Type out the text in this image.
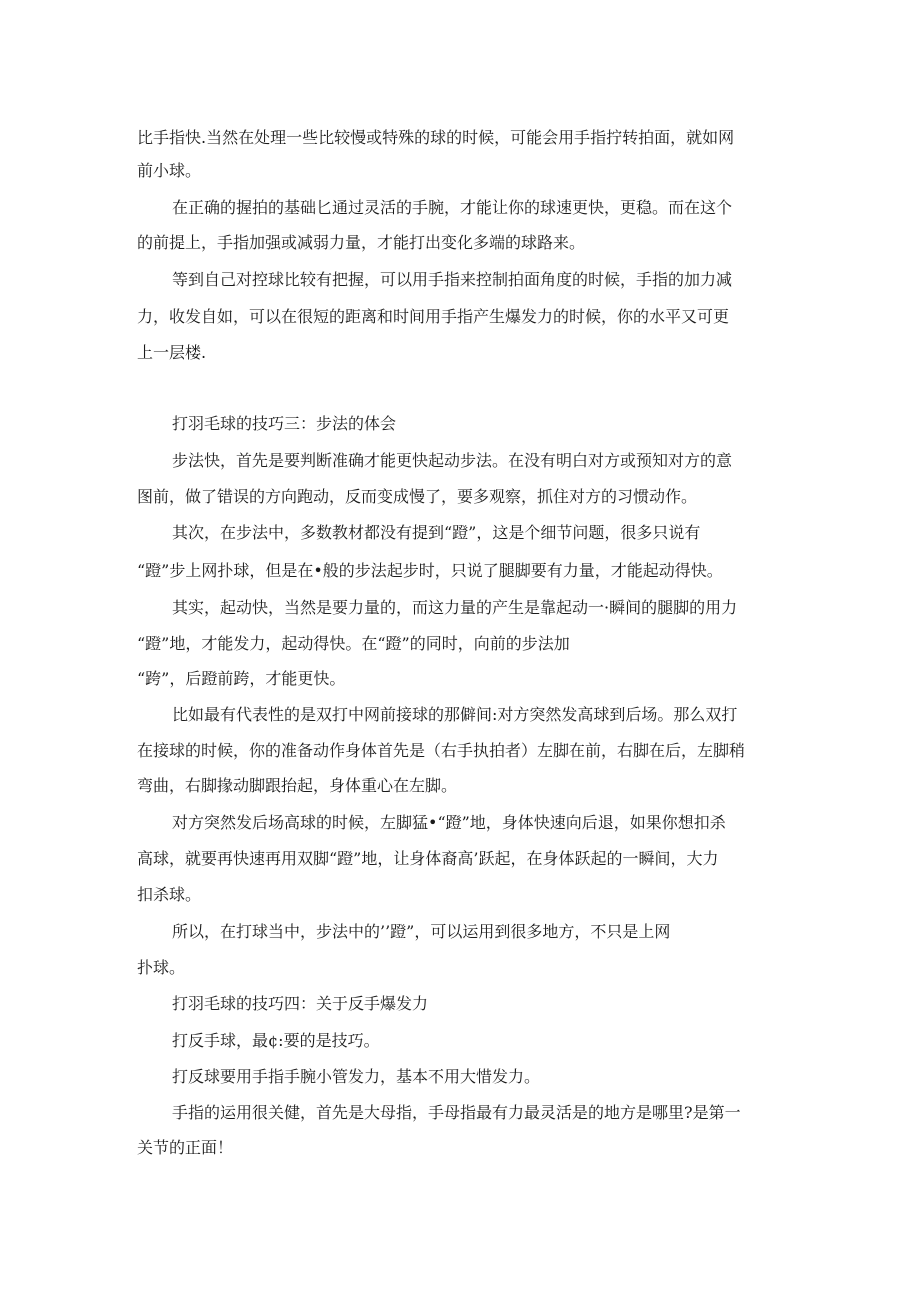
比手指快.当然在处理一些比较慢或特殊的球的时候，可能会用手指拧转拍面，就如网
前小球。
在正确的握拍的基础匕通过灵活的手腕，才能让你的球速更快，更稳。而在这个
的前提上，手指加强或减弱力量，才能打出变化多端的球路来。
等到自己对控球比较有把握，可以用手指来控制拍面角度的时候，手指的加力减
力，收发自如，可以在很短的距离和时间用手指产生爆发力的时候，你的水平又可更
上一层楼.
打羽毛球的技巧三：步法的体会
步法快，首先是要判断准确才能更快起动步法。在没有明白对方或预知对方的意
图前，做了错误的方向跑动，反而变成慢了，要多观察，抓住对方的习惯动作。
其次，在步法中，多数教材都没有提到“蹬”，这是个细节问题，很多只说有
“蹬”步上网扑球，但是在•般的步法起步时，只说了腿脚要有力量，才能起动得快。
其实，起动快，当然是要力量的，而这力量的产生是靠起动一·瞬间的腿脚的用力
“蹬”地，才能发力，起动得快。在“蹬”的同时，向前的步法加
“跨”，后蹬前跨，才能更快。
比如最有代表性的是双打中网前接球的那僻间:对方突然发高球到后场。那么双打
在接球的时候，你的准备动作身体首先是（右手执拍者）左脚在前，右脚在后，左脚稍
弯曲，右脚掾动脚跟抬起，身体重心在左脚。
对方突然发后场高球的时候，左脚猛•“蹬”地，身体快速向后退，如果你想扣杀
高球，就要再快速再用双脚“蹬”地，让身体裔高’跃起，在身体跃起的一瞬间，大力
扣杀球。
所以，在打球当中，步法中的’’蹬”，可以运用到很多地方，不只是上网
扑球。
打羽毛球的技巧四：关于反手爆发力
打反手球，最¢:要的是技巧。
打反球要用手指手腕小管发力，基本不用大惜发力。
手指的运用很关健，首先是大母指，手母指最有力最灵活是的地方是哪里?是第一
关节的正面！
